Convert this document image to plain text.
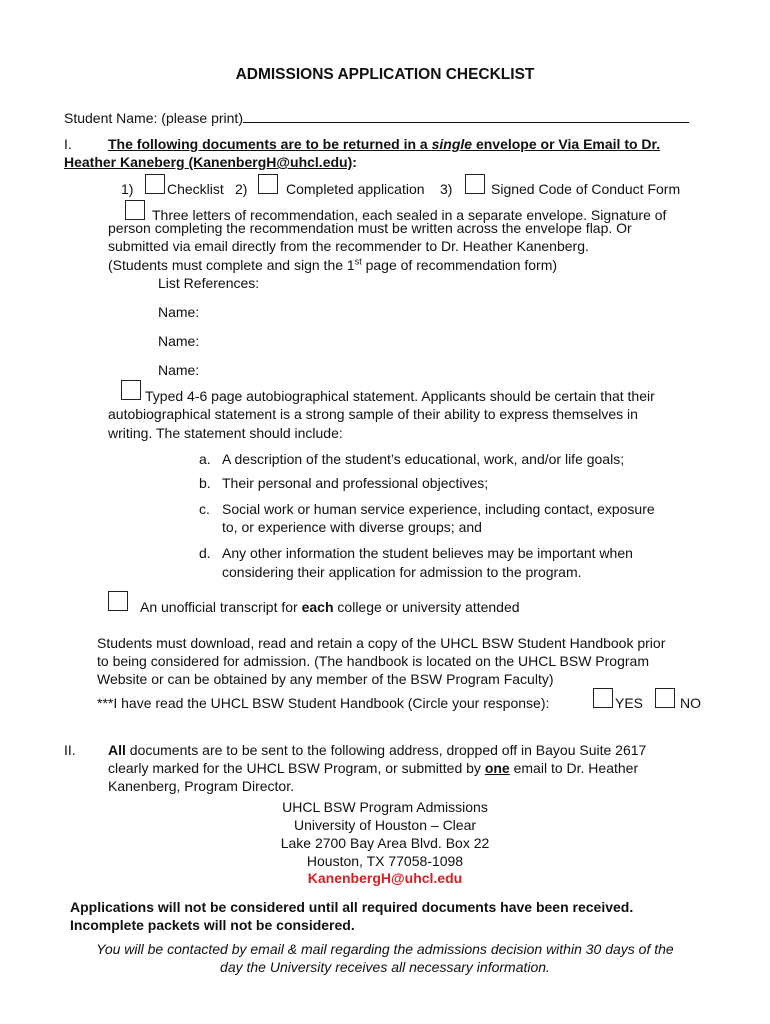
ADMISSIONS APPLICATION CHECKLIST
Student Name: (please print)
I.	The following documents are to be returned in a single envelope or Via Email to Dr.
Heather Kaneberg (KanenbergH@uhcl.edu):
1) Checklist 2)	Completed application 3)	Signed Code of Conduct Form
Three letters of recommendation, each sealed in a separate envelope. Signature of
person completing the recommendation must be written across the envelope flap. Or
submitted via email directly from the recommender to Dr. Heather Kanenberg.
(Students must complete and sign the 1st page of recommendation form)
List References:
Name:
Name:
Name:
Typed 4-6 page autobiographical statement. Applicants should be certain that their
autobiographical statement is a strong sample of their ability to express themselves in
writing. The statement should include:
a. A description of the student’s educational, work, and/or life goals;
b. Their personal and professional objectives;
c. Social work or human service experience, including contact, exposure
to, or experience with diverse groups; and
d. Any other information the student believes may be important when
considering their application for admission to the program.
An unofficial transcript for each college or university attended
Students must download, read and retain a copy of the UHCL BSW Student Handbook prior
to being considered for admission. (The handbook is located on the UHCL BSW Program
Website or can be obtained by any member of the BSW Program Faculty)
***I have read the UHCL BSW Student Handbook (Circle your response):	YES	NO
II. All documents are to be sent to the following address, dropped off in Bayou Suite 2617
clearly marked for the UHCL BSW Program, or submitted by one email to Dr. Heather
Kanenberg, Program Director.
UHCL BSW Program Admissions
University of Houston – Clear
Lake 2700 Bay Area Blvd. Box 22
Houston, TX 77058-1098
KanenbergH@uhcl.edu
Applications will not be considered until all required documents have been received.
Incomplete packets will not be considered.
You will be contacted by email & mail regarding the admissions decision within 30 days of the
day the University receives all necessary information.
